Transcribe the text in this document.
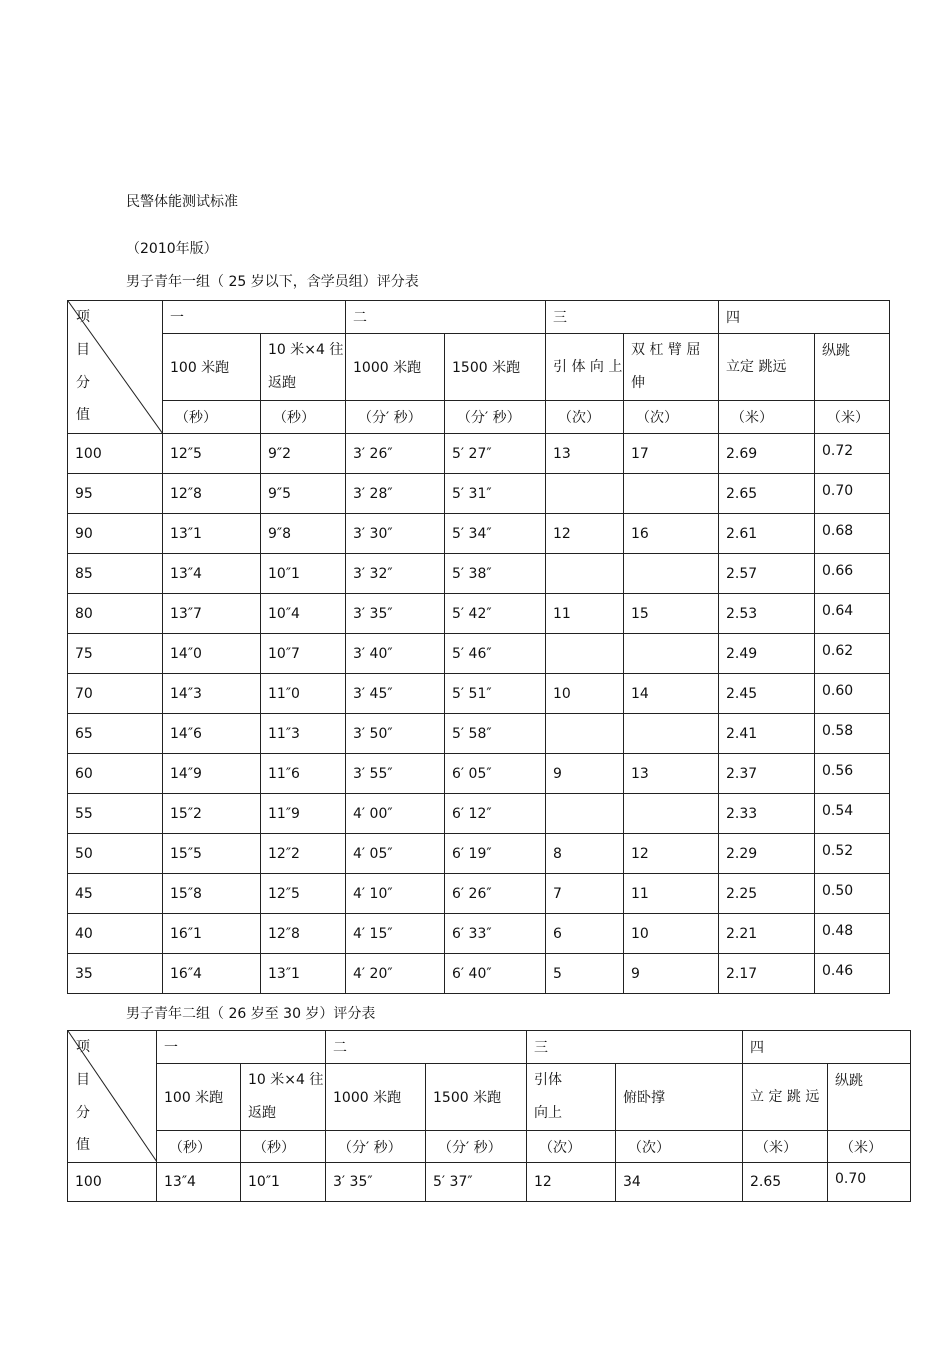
民警体能测试标准
（2010年版）
男子青年一组（ 25 岁以下，含学员组）评分表
项
目
分
值	一		二		三		四	
	100 米跑	10 米×4 往返跑	1000 米跑	1500 米跑	引 体 向 上	双 杠 臂 屈 伸	立定 跳远	纵跳
	（秒）	（秒）	（分′ 秒）	（分′ 秒）	（次）	（次）	（米）	（米）
100	12″5	9″2	3′ 26″	5′ 27″	13	17	2.69	0.72
95	12″8	9″5	3′ 28″	5′ 31″			2.65	0.70
90	13″1	9″8	3′ 30″	5′ 34″	12	16	2.61	0.68
85	13″4	10″1	3′ 32″	5′ 38″			2.57	0.66
80	13″7	10″4	3′ 35″	5′ 42″	11	15	2.53	0.64
75	14″0	10″7	3′ 40″	5′ 46″			2.49	0.62
70	14″3	11″0	3′ 45″	5′ 51″	10	14	2.45	0.60
65	14″6	11″3	3′ 50″	5′ 58″			2.41	0.58
60	14″9	11″6	3′ 55″	6′ 05″	9	13	2.37	0.56
55	15″2	11″9	4′ 00″	6′ 12″			2.33	0.54
50	15″5	12″2	4′ 05″	6′ 19″	8	12	2.29	0.52
45	15″8	12″5	4′ 10″	6′ 26″	7	11	2.25	0.50
40	16″1	12″8	4′ 15″	6′ 33″	6	10	2.21	0.48
35	16″4	13″1	4′ 20″	6′ 40″	5	9	2.17	0.46
男子青年二组（ 26 岁至 30 岁）评分表
项
目
分
值	一		二		三		四	
	100 米跑	10 米×4 往返跑	1000 米跑	1500 米跑	引体 向上	俯卧撑	立 定 跳 远	纵跳
	（秒）	（秒）	（分′ 秒）	（分′ 秒）	（次）	（次）	（米）	（米）
100	13″4	10″1	3′ 35″	5′ 37″	12	34	2.65	0.70
